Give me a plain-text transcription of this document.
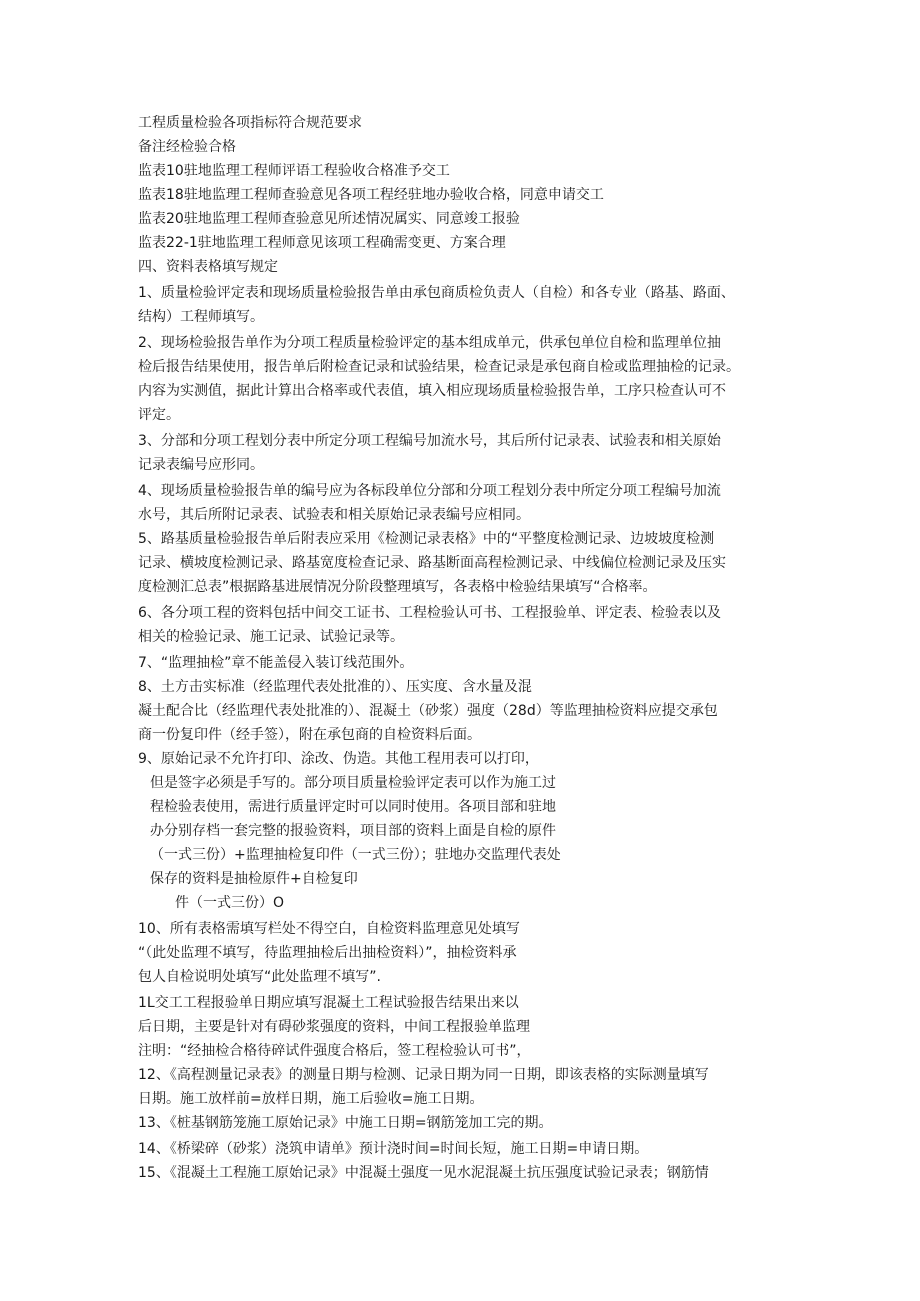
工程质量检验各项指标符合规范要求
备注经检验合格
监表10驻地监理工程师评语工程验收合格准予交工
监表18驻地监理工程师查验意见各项工程经驻地办验收合格，同意申请交工
监表20驻地监理工程师查验意见所述情况属实、同意竣工报验
监表22-1驻地监理工程师意见该项工程确需变更、方案合理
四、资料表格填写规定
1、质量检验评定表和现场质量检验报告单由承包商质检负责人（自检）和各专业（路基、路面、
结构）工程师填写。
2、现场检验报告单作为分项工程质量检验评定的基本组成单元，供承包单位自检和监理单位抽
检后报告结果使用，报告单后附检查记录和试验结果，检查记录是承包商自检或监理抽检的记录。
内容为实测值，据此计算出合格率或代表值，填入相应现场质量检验报告单，工序只检查认可不
评定。
3、分部和分项工程划分表中所定分项工程编号加流水号，其后所付记录表、试验表和相关原始
记录表编号应形同。
4、现场质量检验报告单的编号应为各标段单位分部和分项工程划分表中所定分项工程编号加流
水号，其后所附记录表、试验表和相关原始记录表编号应相同。
5、路基质量检验报告单后附表应采用《检测记录表格》中的“平整度检测记录、边坡坡度检测
记录、横坡度检测记录、路基宽度检查记录、路基断面高程检测记录、中线偏位检测记录及压实
度检测汇总表”根据路基进展情况分阶段整理填写，各表格中检验结果填写“合格率。
6、各分项工程的资料包括中间交工证书、工程检验认可书、工程报验单、评定表、检验表以及
相关的检验记录、施工记录、试验记录等。
7、“监理抽检”章不能盖侵入装订线范围外。
8、土方击实标准（经监理代表处批准的）、压实度、含水量及混
凝土配合比（经监理代表处批准的）、混凝土（砂浆）强度（28d）等监理抽检资料应提交承包
商一份复印件（经手签），附在承包商的自检资料后面。
9、原始记录不允许打印、涂改、伪造。其他工程用表可以打印，
但是签字必须是手写的。部分项目质量检验评定表可以作为施工过
程检验表使用，需进行质量评定时可以同时使用。各项目部和驻地
办分别存档一套完整的报验资料，项目部的资料上面是自检的原件
（一式三份）+监理抽检复印件（一式三份）；驻地办交监理代表处
保存的资料是抽检原件+自检复印
件（一式三份）O
10、所有表格需填写栏处不得空白，自检资料监理意见处填写
“（此处监理不填写，待监理抽检后出抽检资料）”，抽检资料承
包人自检说明处填写“此处监理不填写”.
1L交工工程报验单日期应填写混凝土工程试验报告结果出来以
后日期，主要是针对有碍砂浆强度的资料，中间工程报验单监理
注明：“经抽检合格待碎试件强度合格后，签工程检验认可书”，
12、《高程测量记录表》的测量日期与检测、记录日期为同一日期，即该表格的实际测量填写
日期。施工放样前=放样日期，施工后验收=施工日期。
13、《桩基钢筋笼施工原始记录》中施工日期=钢筋笼加工完的期。
14、《桥梁碎（砂浆）浇筑申请单》预计浇时间=时间长短，施工日期=申请日期。
15、《混凝土工程施工原始记录》中混凝土强度一见水泥混凝土抗压强度试验记录表；钢筋情
